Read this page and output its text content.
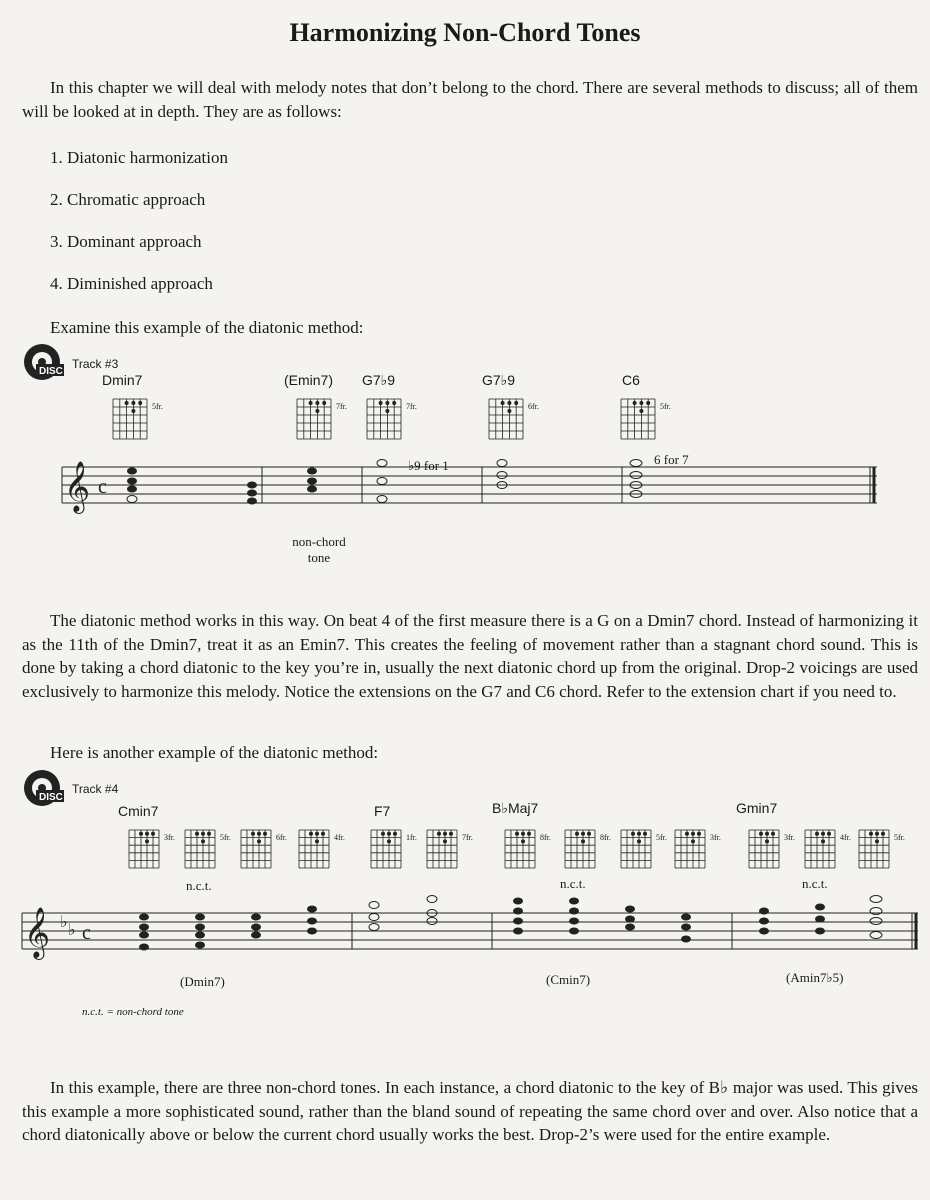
Harmonizing Non-Chord Tones
In this chapter we will deal with melody notes that don’t belong to the chord. There are several methods to discuss; all of them will be looked at in depth. They are as follows:
1. Diatonic harmonization
2. Chromatic approach
3. Dominant approach
4. Diminished approach
Examine this example of the diatonic method:
DISC
Track #3
Dmin7	(Emin7) G7♭9	G7♭9	C6
5fr.	7fr.	7fr.	6fr.	5fr.
𝄞 c
♭9 for 1	6 for 7
non-chord tone
The diatonic method works in this way. On beat 4 of the first measure there is a G on a Dmin7 chord. Instead of harmonizing it as the 11th of the Dmin7, treat it as an Emin7. This creates the feeling of movement rather than a stagnant chord sound. This is done by taking a chord diatonic to the key you’re in, usually the next diatonic chord up from the original. Drop-2 voicings are used exclusively to harmonize this melody. Notice the extensions on the G7 and C6 chord. Refer to the extension chart if you need to.
Here is another example of the diatonic method:
DISC
Track #4
Cmin7	F7	B♭Maj7	Gmin7
3fr.	5fr.	6fr.	4fr.	1fr.	7fr.	8fr.	8fr.	5fr.	3fr.	3fr.	4fr.	5fr.
n.c.t.	n.c.t.	n.c.t.
𝄞 ♭ ♭ c
(Dmin7)	(Cmin7)	(Amin7♭5)
n.c.t. = non-chord tone
In this example, there are three non-chord tones. In each instance, a chord diatonic to the key of B♭ major was used. This gives this example a more sophisticated sound, rather than the bland sound of repeating the same chord over and over. Also notice that a chord diatonically above or below the current chord usually works the best. Drop-2’s were used for the entire example.
